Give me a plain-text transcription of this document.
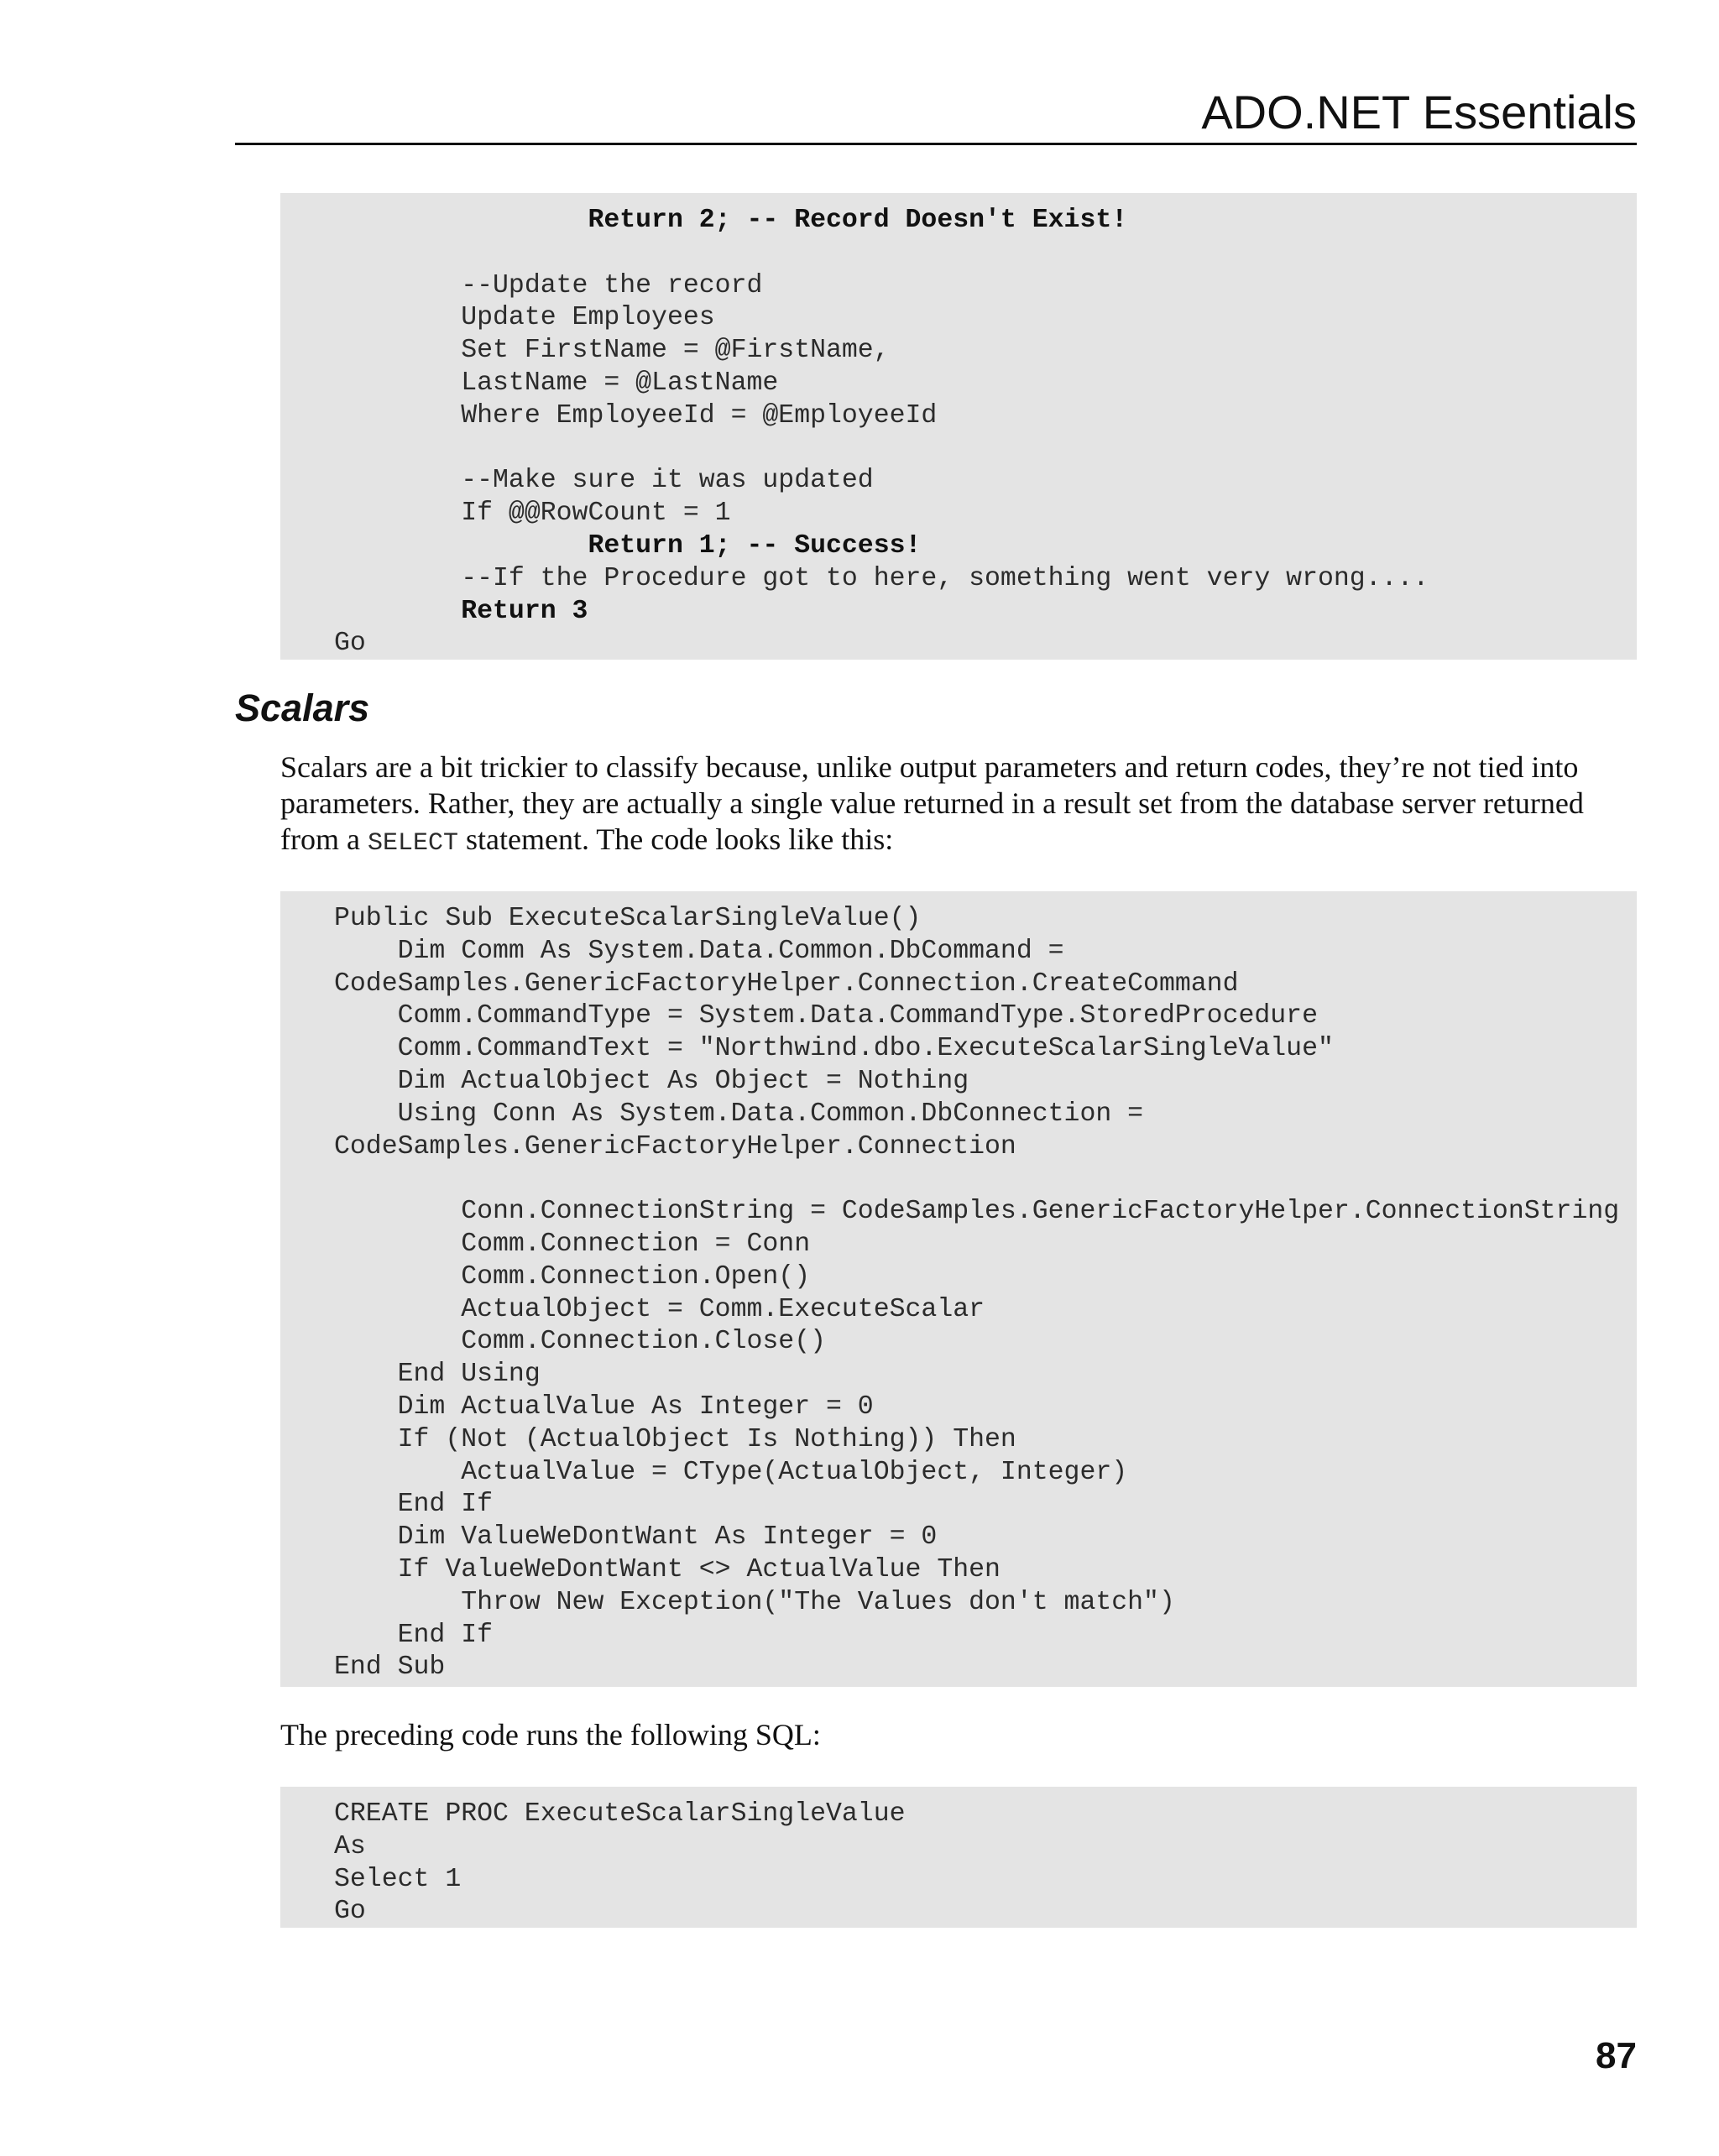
ADO.NET Essentials
Return 2; -- Record Doesn't Exist!
--Update the record
Update Employees
Set FirstName = @FirstName,
LastName = @LastName
Where EmployeeId = @EmployeeId
--Make sure it was updated
If @@RowCount = 1
Return 1; -- Success!
--If the Procedure got to here, something went very wrong....
Return 3
Go
Scalars
Scalars are a bit trickier to classify because, unlike output parameters and return codes, they’re not tied into parameters. Rather, they are actually a single value returned in a result set from the database server returned from a SELECT statement. The code looks like this:
Public Sub ExecuteScalarSingleValue()
Dim Comm As System.Data.Common.DbCommand =
CodeSamples.GenericFactoryHelper.Connection.CreateCommand
Comm.CommandType = System.Data.CommandType.StoredProcedure
Comm.CommandText = "Northwind.dbo.ExecuteScalarSingleValue"
Dim ActualObject As Object = Nothing
Using Conn As System.Data.Common.DbConnection =
CodeSamples.GenericFactoryHelper.Connection
Conn.ConnectionString = CodeSamples.GenericFactoryHelper.ConnectionString
Comm.Connection = Conn
Comm.Connection.Open()
ActualObject = Comm.ExecuteScalar
Comm.Connection.Close()
End Using
Dim ActualValue As Integer = 0
If (Not (ActualObject Is Nothing)) Then
ActualValue = CType(ActualObject, Integer)
End If
Dim ValueWeDontWant As Integer = 0
If ValueWeDontWant <> ActualValue Then
Throw New Exception("The Values don't match")
End If
End Sub
The preceding code runs the following SQL:
CREATE PROC ExecuteScalarSingleValue
As
Select 1
Go
87
